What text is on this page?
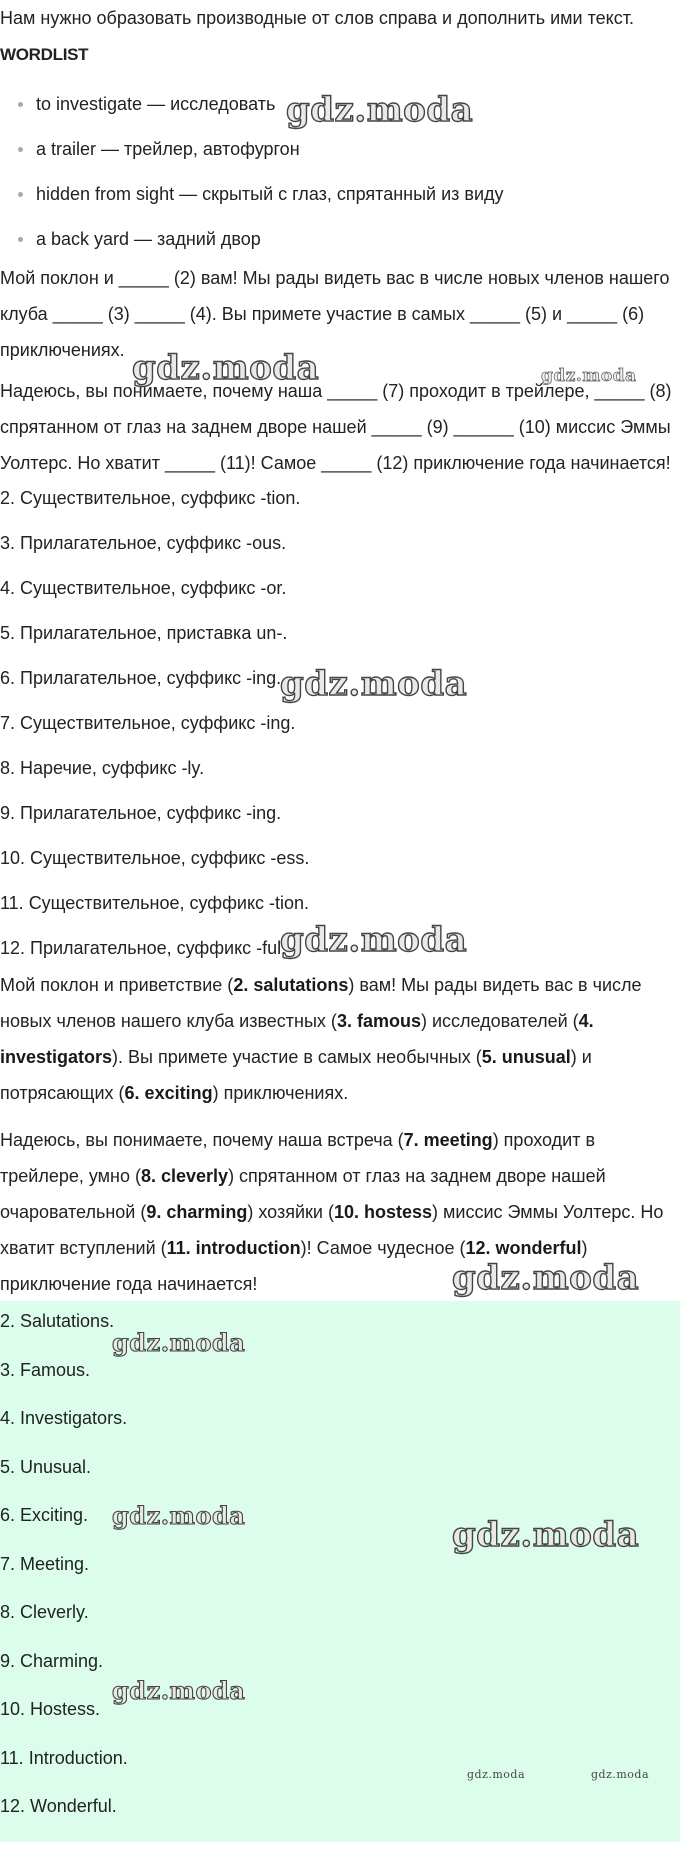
Нам нужно образовать производные от слов справа и дополнить ими текст.
WORDLIST
to investigate — исследовать
a trailer — трейлер, автофургон
hidden from sight — скрытый с глаз, спрятанный из виду
a back yard — задний двор
Мой поклон и _____ (2) вам! Мы рады видеть вас в числе новых членов нашего
клуба _____ (3) _____ (4). Вы примете участие в самых _____ (5) и _____ (6)
приключениях.
Надеюсь, вы понимаете, почему наша _____ (7) проходит в трейлере, _____ (8)
спрятанном от глаз на заднем дворе нашей _____ (9) ______ (10) миссис Эммы
Уолтерс. Но хватит _____ (11)! Самое _____ (12) приключение года начинается!
2. Существительное, суффикс -tion.
3. Прилагательное, суффикс -ous.
4. Существительное, суффикс -or.
5. Прилагательное, приставка un-.
6. Прилагательное, суффикс -ing.
7. Существительное, суффикс -ing.
8. Наречие, суффикс -ly.
9. Прилагательное, суффикс -ing.
10. Существительное, суффикс -ess.
11. Существительное, суффикс -tion.
12. Прилагательное, суффикс -ful.
Мой поклон и приветствие (2. salutations) вам! Мы рады видеть вас в числе
новых членов нашего клуба известных (3. famous) исследователей (4.
investigators). Вы примете участие в самых необычных (5. unusual) и
потрясающих (6. exciting) приключениях.
Надеюсь, вы понимаете, почему наша встреча (7. meeting) проходит в
трейлере, умно (8. cleverly) спрятанном от глаз на заднем дворе нашей
очаровательной (9. charming) хозяйки (10. hostess) миссис Эммы Уолтерс. Но
хватит вступлений (11. introduction)! Самое чудесное (12. wonderful)
приключение года начинается!
2. Salutations.
3. Famous.
4. Investigators.
5. Unusual.
6. Exciting.
7. Meeting.
8. Cleverly.
9. Charming.
10. Hostess.
11. Introduction.
12. Wonderful.
gdz.moda
gdz.moda	gdz.moda
gdz.moda
gdz.moda
gdz.moda
gdz.moda
gdz.moda	gdz.moda
gdz.moda
gdz.moda	gdz.moda
